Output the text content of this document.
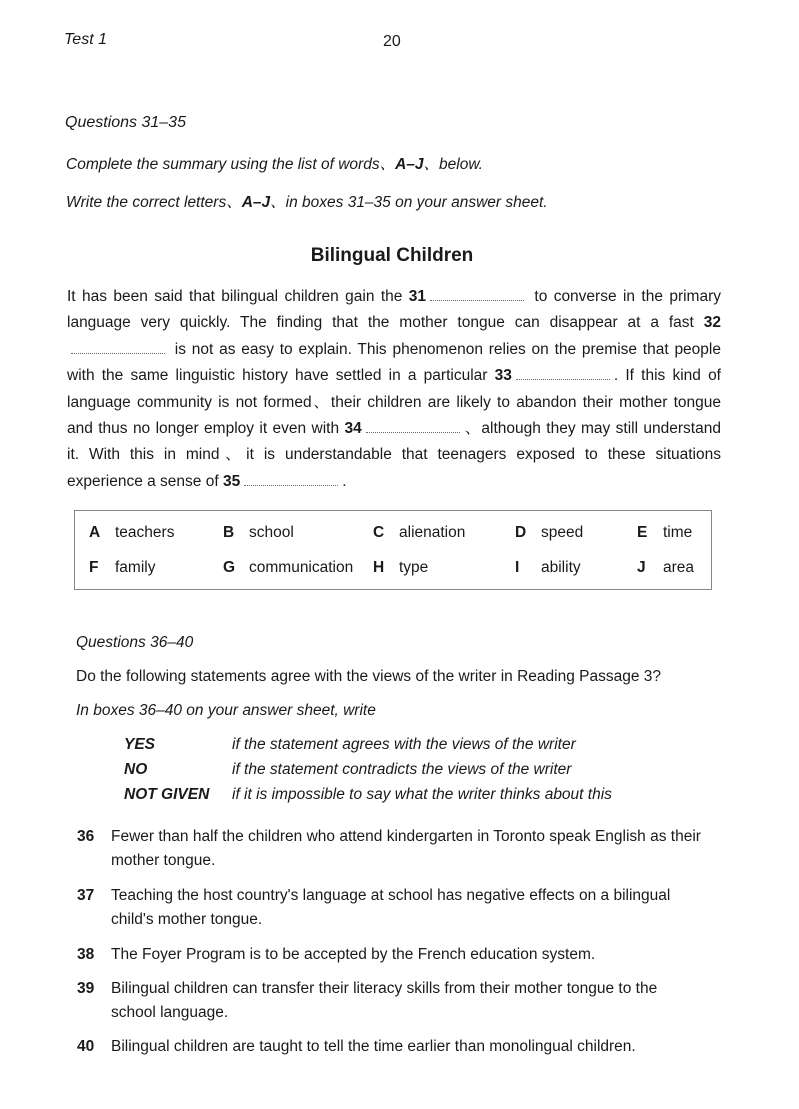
Test 1	20
Questions 31–35
Complete the summary using the list of words、A–J、below.
Write the correct letters、A–J、in boxes 31–35 on your answer sheet.
Bilingual Children
It has been said that bilingual children gain the 31	to converse in the primary language very quickly. The finding that the mother tongue can disappear at a fast 32 is not as easy to explain. This phenomenon relies on the premise that people with the same linguistic history have settled in a particular 33	. If this kind of language community is not formed、their children are likely to abandon their mother tongue and thus no longer employ it even with 34	、although they may still understand it. With this in mind、it is understandable that teenagers exposed to these situations experience a sense of 35	.
A teachers	B school	C alienation	D speed	E time
F family	G communication H type	I ability	J area
Questions 36–40
Do the following statements agree with the views of the writer in Reading Passage 3?
In boxes 36–40 on your answer sheet, write
YES	if the statement agrees with the views of the writer
NO	if the statement contradicts the views of the writer
NOT GIVEN if it is impossible to say what the writer thinks about this
36 Fewer than half the children who attend kindergarten in Toronto speak English as their mother tongue.
37 Teaching the host country's language at school has negative effects on a bilingual child's mother tongue.
38 The Foyer Program is to be accepted by the French education system.
39 Bilingual children can transfer their literacy skills from their mother tongue to the school language.
40 Bilingual children are taught to tell the time earlier than monolingual children.
